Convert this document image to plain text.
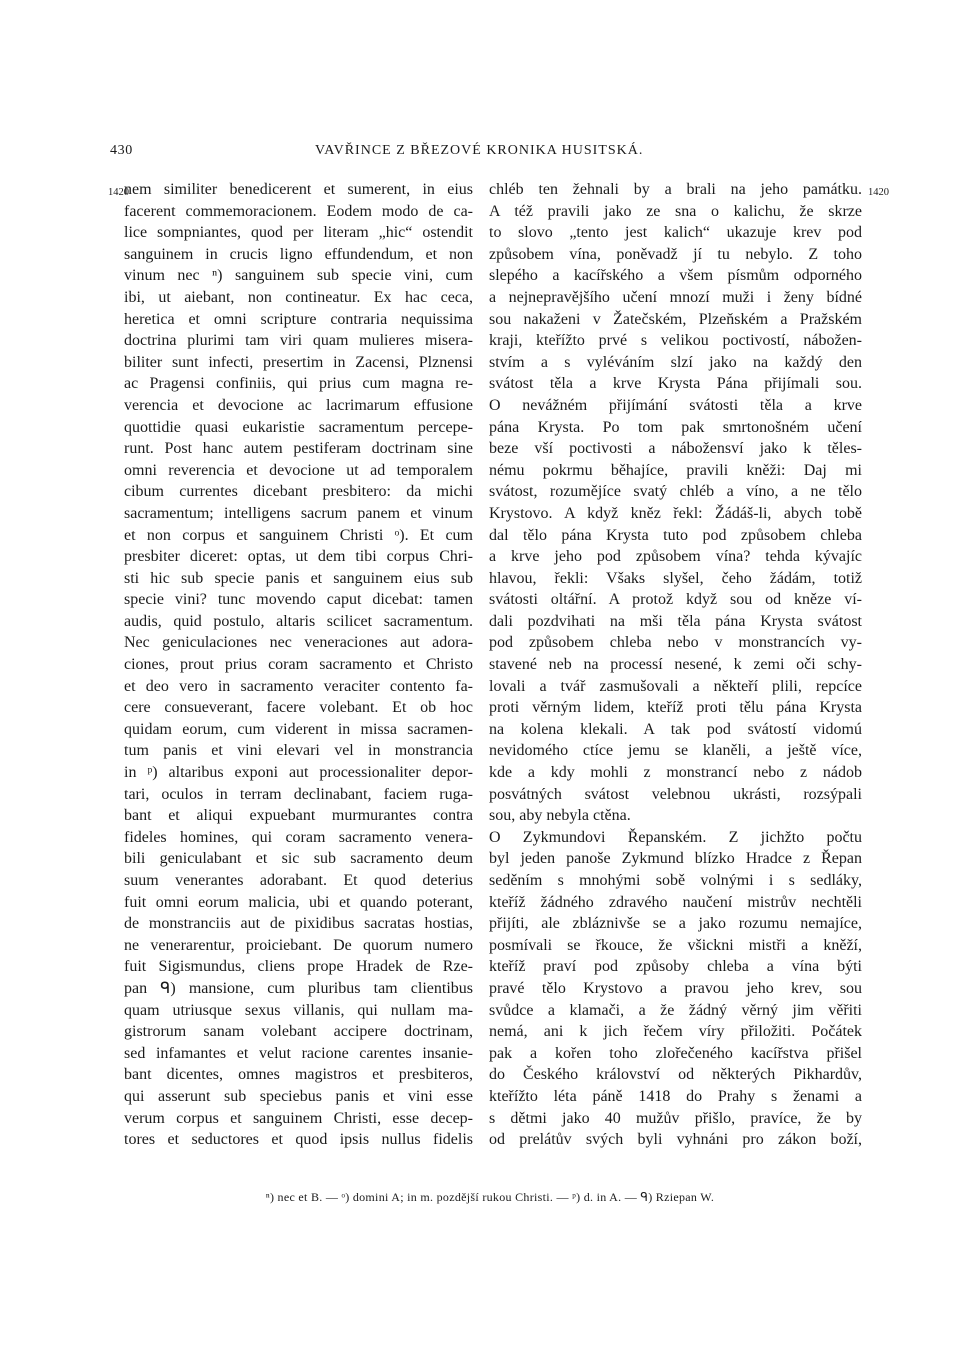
430	VAVŘINCE Z BŘEZOVÉ KRONIKA HUSITSKÁ.
1420	1420
nem similiter benedicerent et sumerent, in eius
facerent commemoracionem. Eodem modo de ca-
lice sompniantes, quod per literam „hic“ ostendit
sanguinem in crucis ligno effundendum, et non
vinum nec ⁿ) sanguinem sub specie vini, cum
ibi, ut aiebant, non contineatur. Ex hac ceca,
heretica et omni scripture contraria nequissima
doctrina plurimi tam viri quam mulieres misera-
biliter sunt infecti, presertim in Zacensi, Plznensi
ac Pragensi confiniis, qui prius cum magna re-
verencia et devocione ac lacrimarum effusione
quottidie quasi eukaristie sacramentum percepe-
runt. Post hanc autem pestiferam doctrinam sine
omni reverencia et devocione ut ad temporalem
cibum currentes dicebant presbitero: da michi
sacramentum; intelligens sacrum panem et vinum
et non corpus et sanguinem Christi ᵒ). Et cum
presbiter diceret: optas, ut dem tibi corpus Chri-
sti hic sub specie panis et sanguinem eius sub
specie vini? tunc movendo caput dicebat: tamen
audis, quid postulo, altaris scilicet sacramentum.
Nec geniculaciones nec veneraciones aut adora-
ciones, prout prius coram sacramento et Christo
et deo vero in sacramento veraciter contento fa-
cere consueverant, facere volebant. Et ob hoc
quidam eorum, cum viderent in missa sacramen-
tum panis et vini elevari vel in monstrancia
in ᵖ) altaribus exponi aut processionaliter depor-
tari, oculos in terram declinabant, faciem ruga-
bant et aliqui expuebant murmurantes contra
fideles homines, qui coram sacramento venera-
bili geniculabant et sic sub sacramento deum
suum venerantes adorabant. Et quod deterius
fuit omni eorum malicia, ubi et quando poterant,
de monstranciis aut de pixidibus sacratas hostias,
ne venerarentur, proiciebant. De quorum numero
fuit Sigismundus, cliens prope Hradek de Rze-
pan ᑫ) mansione, cum pluribus tam clientibus
quam utriusque sexus villanis, qui nullam ma-
gistrorum sanam volebant accipere doctrinam,
sed infamantes et velut racione carentes insanie-
bant dicentes, omnes magistros et presbiteros,
qui asserunt sub speciebus panis et vini esse
verum corpus et sanguinem Christi, esse decep-
tores et seductores et quod ipsis nullus fidelis
chléb ten žehnali by a brali na jeho památku.
A též pravili jako ze sna o kalichu, že skrze
to slovo „tento jest kalich“ ukazuje krev pod
způsobem vína, poněvadž jí tu nebylo. Z toho
slepého a kacířského a všem písmům odporného
a nejnepravějšího učení mnozí muži i ženy bídné
sou nakaženi v Žatečském, Plzeňském a Pražském
kraji, kteřížto prvé s velikou poctivostí, nábožen-
stvím a s vyléváním slzí jako na každý den
svátost těla a krve Krysta Pána přijímali sou.
O nevážném přijímání svátosti těla a krve
pána Krysta. Po tom pak smrtonošném učení
beze vší poctivosti a nábožensví jako k těles-
nému pokrmu běhajíce, pravili kněži: Daj mi
svátost, rozumějíce svatý chléb a víno, a ne tělo
Krystovo. A když kněz řekl: Žádáš-li, abych tobě
dal tělo pána Krysta tuto pod způsobem chleba
a krve jeho pod způsobem vína? tehda kývajíc
hlavou, řekli: Všaks slyšel, čeho žádám, totiž
svátosti oltářní. A protož když sou od kněze ví-
dali pozdvihati na mši těla pána Krysta svátost
pod způsobem chleba nebo v monstrancích vy-
stavené neb na processí nesené, k zemi oči schy-
lovali a tvář zasmušovali a někteří plili, repcíce
proti věrným lidem, kteříž proti tělu pána Krysta
na kolena klekali. A tak pod svátostí vidomú
nevidomého ctíce jemu se klaněli, a ještě více,
kde a kdy mohli z monstrancí nebo z nádob
posvátných svátost velebnou ukrásti, rozsýpali
sou, aby nebyla ctěna.
O Zykmundovi Řepanském. Z jichžto počtu
byl jeden panoše Zykmund blízko Hradce z Řepan
seděním s mnohými sobě volnými i s sedláky,
kteříž žádného zdravého naučení mistrův nechtěli
přijíti, ale zbláznivše se a jako rozumu nemajíce,
posmívali se řkouce, že všickni mistři a kněží,
kteříž praví pod způsoby chleba a vína býti
pravé tělo Krystovo a pravou jeho krev, sou
svůdce a klamači, a že žádný věrný jim věřiti
nemá, ani k jich řečem víry přiložiti. Počátek
pak a kořen toho zlořečeného kacířstva přišel
do Českého království od některých Pikhardův,
kteřížto léta páně 1418 do Prahy s ženami a
s dětmi jako 40 mužův přišlo, pravíce, že by
od prelátův svých byli vyhnáni pro zákon boží,
ⁿ) nec et B. — ᵒ) domini A; in m. pozdější rukou Christi. — ᵖ) d. in A. — ᑫ) Rziepan W.
